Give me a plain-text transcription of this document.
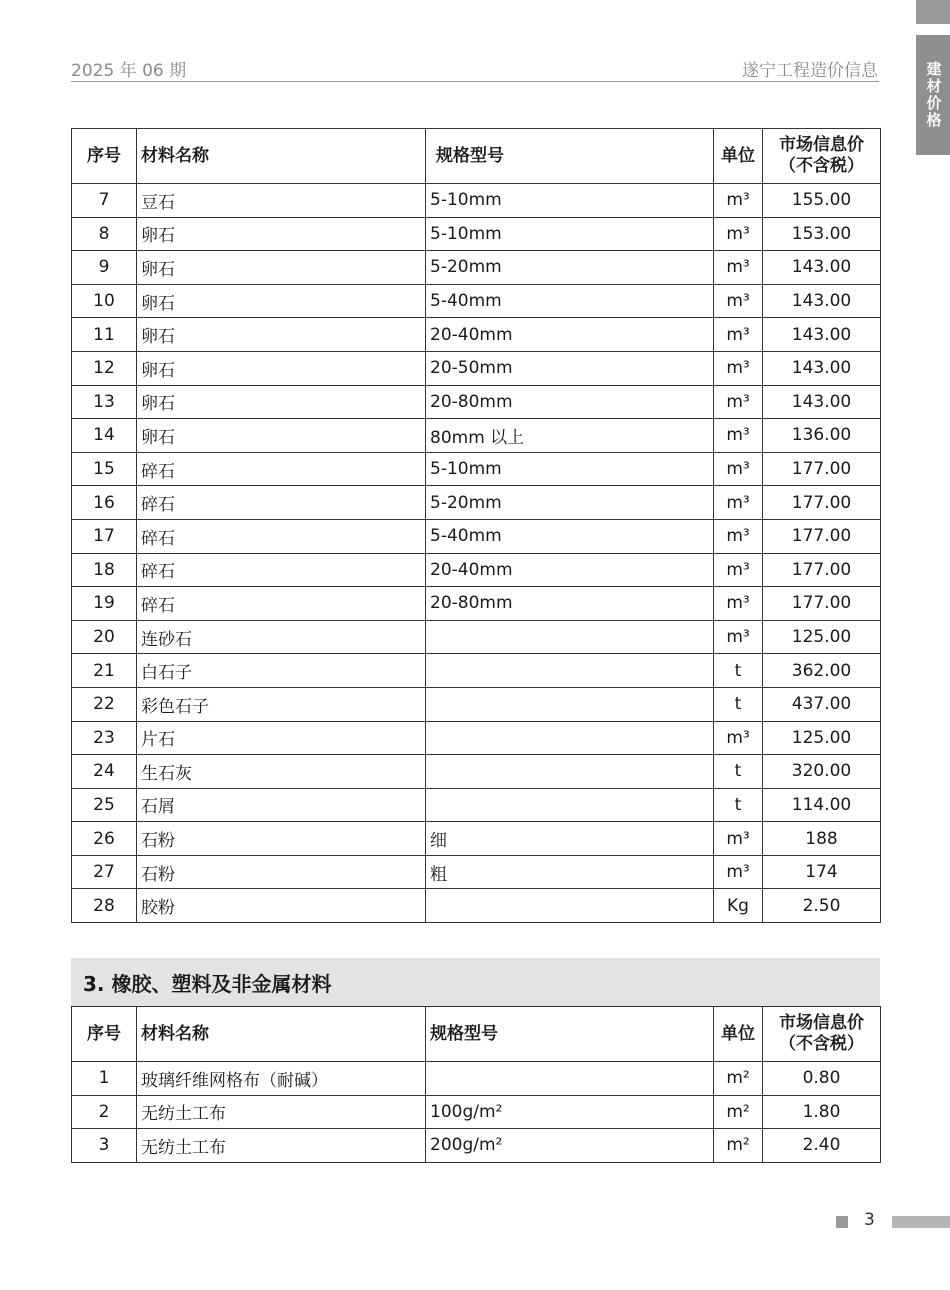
建材价格
2025 年 06 期	遂宁工程造价信息
序号	材料名称	规格型号	单位	市场信息价
（不含税）

7	豆石	5-10mm	m³	155.00
8	卵石	5-10mm	m³	153.00
9	卵石	5-20mm	m³	143.00
10	卵石	5-40mm	m³	143.00
11	卵石	20-40mm	m³	143.00
12	卵石	20-50mm	m³	143.00
13	卵石	20-80mm	m³	143.00
14	卵石	80mm 以上	m³	136.00
15	碎石	5-10mm	m³	177.00
16	碎石	5-20mm	m³	177.00
17	碎石	5-40mm	m³	177.00
18	碎石	20-40mm	m³	177.00
19	碎石	20-80mm	m³	177.00
20	连砂石		m³	125.00
21	白石子		t	362.00
22	彩色石子		t	437.00
23	片石		m³	125.00
24	生石灰		t	320.00
25	石屑		t	114.00
26	石粉	细	m³	188
27	石粉	粗	m³	174
28	胶粉		Kg	2.50
3. 橡胶、塑料及非金属材料
序号	材料名称	规格型号	单位	市场信息价
（不含税）

1	玻璃纤维网格布（耐碱）		m²	0.80
2	无纺土工布	100g/m²	m²	1.80
3	无纺土工布	200g/m²	m²	2.40
3
